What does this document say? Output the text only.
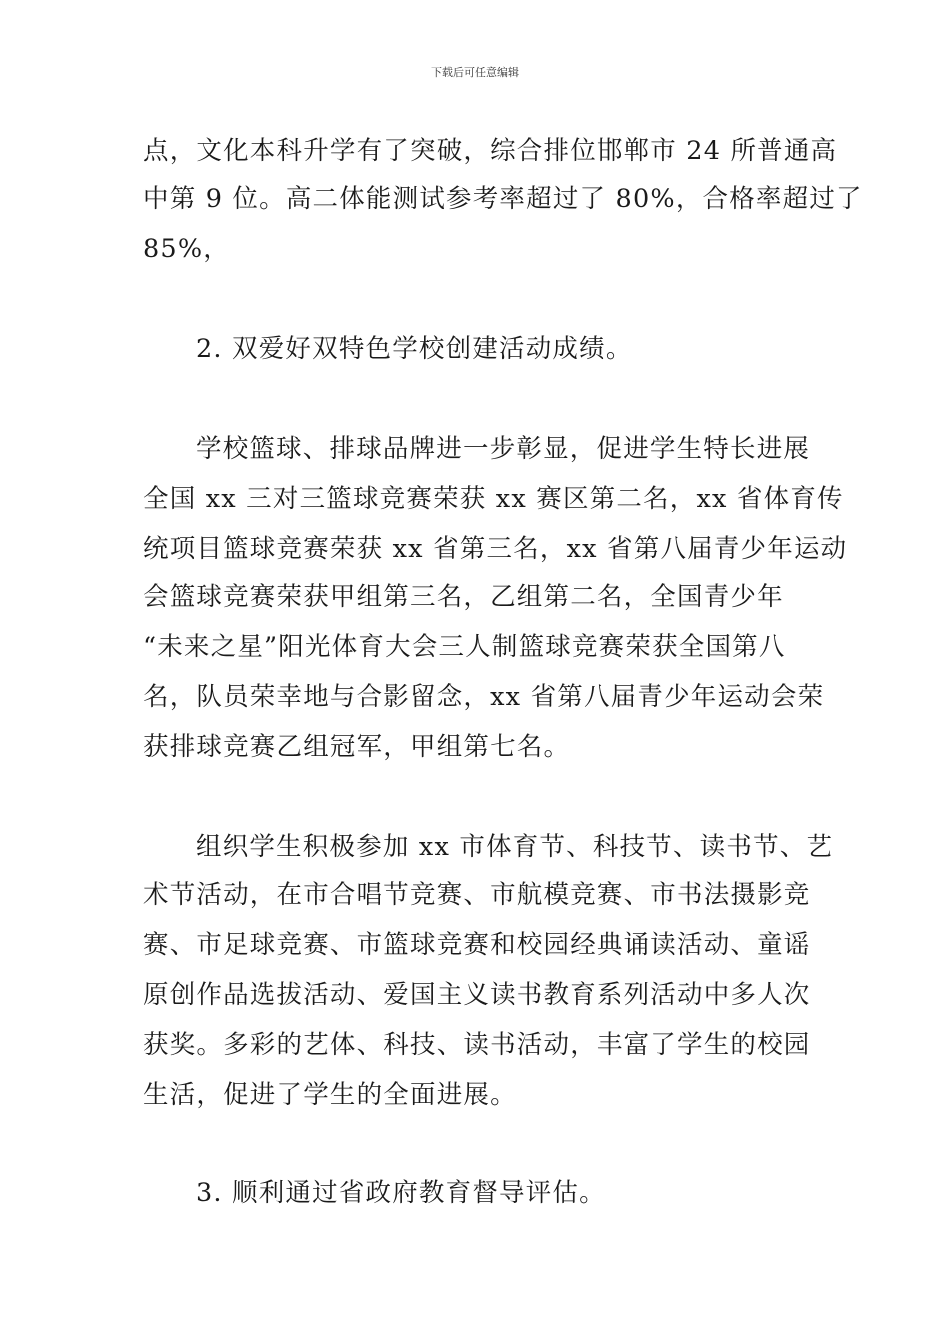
下载后可任意编辑
点，文化本科升学有了突破，综合排位邯郸市 24 所普通高
中第 9 位。高二体能测试参考率超过了 80%，合格率超过了
85%，
2. 双爱好双特色学校创建活动成绩。
学校篮球、排球品牌进一步彰显，促进学生特长进展
全国 xx 三对三篮球竞赛荣获 xx 赛区第二名，xx 省体育传
统项目篮球竞赛荣获 xx 省第三名，xx 省第八届青少年运动
会篮球竞赛荣获甲组第三名，乙组第二名，全国青少年
“未来之星”阳光体育大会三人制篮球竞赛荣获全国第八
名，队员荣幸地与合影留念，xx 省第八届青少年运动会荣
获排球竞赛乙组冠军，甲组第七名。
组织学生积极参加 xx 市体育节、科技节、读书节、艺
术节活动，在市合唱节竞赛、市航模竞赛、市书法摄影竞
赛、市足球竞赛、市篮球竞赛和校园经典诵读活动、童谣
原创作品选拔活动、爱国主义读书教育系列活动中多人次
获奖。多彩的艺体、科技、读书活动，丰富了学生的校园
生活，促进了学生的全面进展。
3. 顺利通过省政府教育督导评估。
